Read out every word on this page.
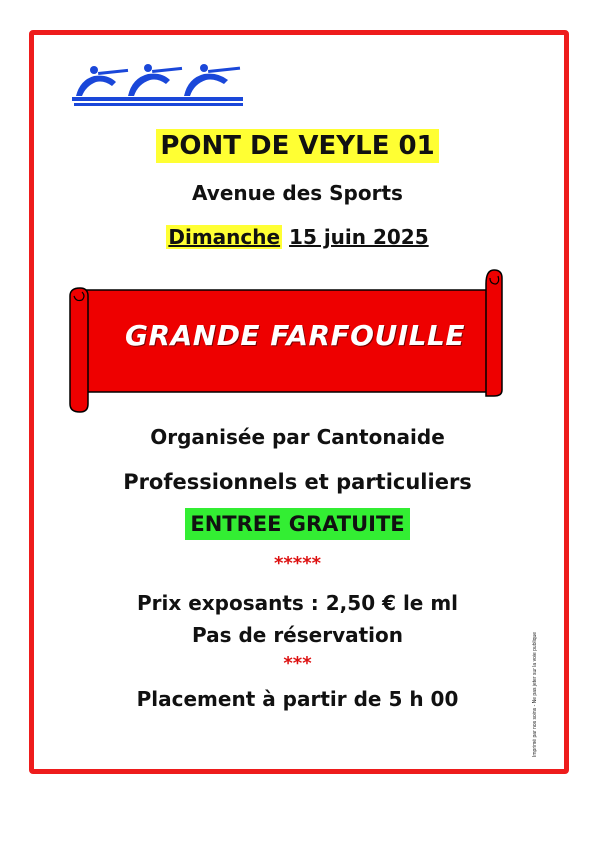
PONT DE VEYLE 01
Avenue des Sports
Dimanche 15 juin 2025
GRANDE FARFOUILLE
Organisée par Cantonaide
Professionnels et particuliers
ENTREE GRATUITE
*****
Prix exposants : 2,50 € le ml
Pas de réservation
***
Placement à partir de 5 h 00	Imprimé par nos soins - Ne pas jeter sur la voie publique
